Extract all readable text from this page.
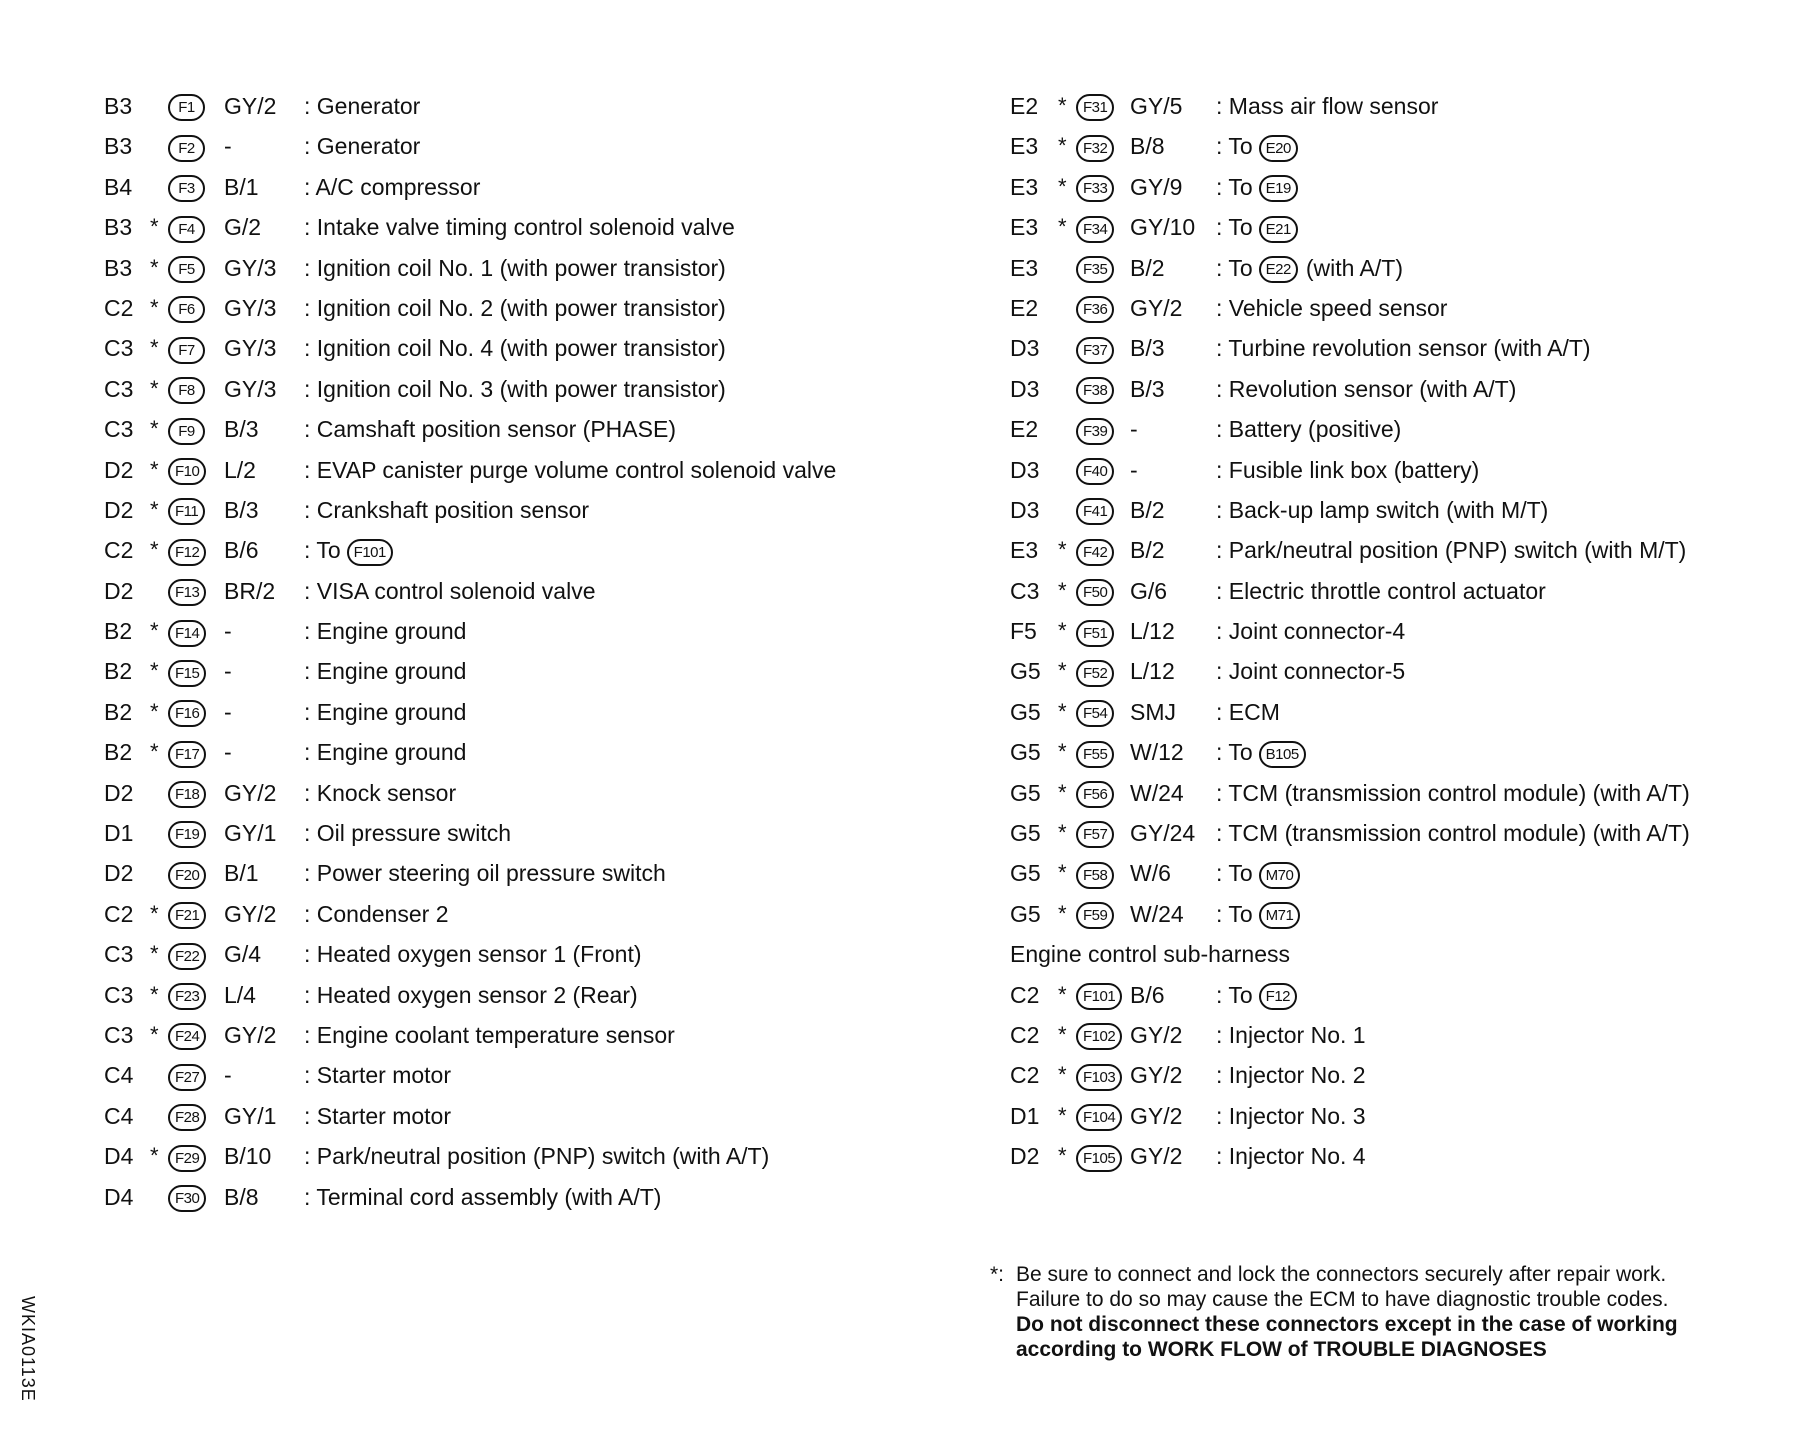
B3	F1	GY/2 : Generator
B3	F2	-	: Generator
B4	F3	B/1 : A/C compressor
B3 *	F4	G/2 : Intake valve timing control solenoid valve
B3 *	F5	GY/3 : Ignition coil No. 1 (with power transistor)
C2 *	F6	GY/3 : Ignition coil No. 2 (with power transistor)
C3 *	F7	GY/3 : Ignition coil No. 4 (with power transistor)
C3 *	F8	GY/3 : Ignition coil No. 3 (with power transistor)
C3 *	F9	B/3 : Camshaft position sensor (PHASE)
D2 *	F10	L/2 : EVAP canister purge volume control solenoid valve
D2 *	F11	B/3 : Crankshaft position sensor
C2 *	F12	B/6 : To F101
D2	F13	BR/2 : VISA control solenoid valve
B2 *	F14	-	: Engine ground
B2 *	F15	-	: Engine ground
B2 *	F16	-	: Engine ground
B2 *	F17	-	: Engine ground
D2	F18	GY/2 : Knock sensor
D1	F19	GY/1 : Oil pressure switch
D2	F20	B/1 : Power steering oil pressure switch
C2 *	F21	GY/2 : Condenser 2
C3 *	F22	G/4 : Heated oxygen sensor 1 (Front)
C3 *	F23	L/4 : Heated oxygen sensor 2 (Rear)
C3 *	F24	GY/2 : Engine coolant temperature sensor
C4	F27	-	: Starter motor
C4	F28	GY/1 : Starter motor
D4 *	F29	B/10 : Park/neutral position (PNP) switch (with A/T)
D4	F30	B/8 : Terminal cord assembly (with A/T)
E2 *	F31 GY/5 : Mass air flow sensor
E3 *	F32 B/8 : To E20
E3 *	F33 GY/9 : To E19
E3 *	F34 GY/10 : To E21
E3	F35 B/2 : To E22 (with A/T)
E2	F36 GY/2 : Vehicle speed sensor
D3	F37 B/3 : Turbine revolution sensor (with A/T)
D3	F38 B/3 : Revolution sensor (with A/T)
E2	F39 -	: Battery (positive)
D3	F40 -	: Fusible link box (battery)
D3	F41 B/2 : Back-up lamp switch (with M/T)
E3 *	F42 B/2 : Park/neutral position (PNP) switch (with M/T)
C3 *	F50 G/6 : Electric throttle control actuator
F5 *	F51 L/12 : Joint connector-4
G5 *	F52 L/12 : Joint connector-5
G5 *	F54 SMJ : ECM
G5 *	F55 W/12 : To B105
G5 *	F56 W/24 : TCM (transmission control module) (with A/T)
G5 *	F57 GY/24 : TCM (transmission control module) (with A/T)
G5 *	F58 W/6 : To M70
G5 *	F59 W/24 : To M71
Engine control sub-harness
C2 *	F101 B/6 : To F12
C2 *	F102 GY/2 : Injector No. 1
C2 *	F103 GY/2 : Injector No. 2
D1 *	F104 GY/2 : Injector No. 3
D2 *	F105 GY/2 : Injector No. 4
*: Be sure to connect and lock the connectors securely after repair work.
Failure to do so may cause the ECM to have diagnostic trouble codes.
Do not disconnect these connectors except in the case of working
according to WORK FLOW of TROUBLE DIAGNOSES
WKIA0113E
